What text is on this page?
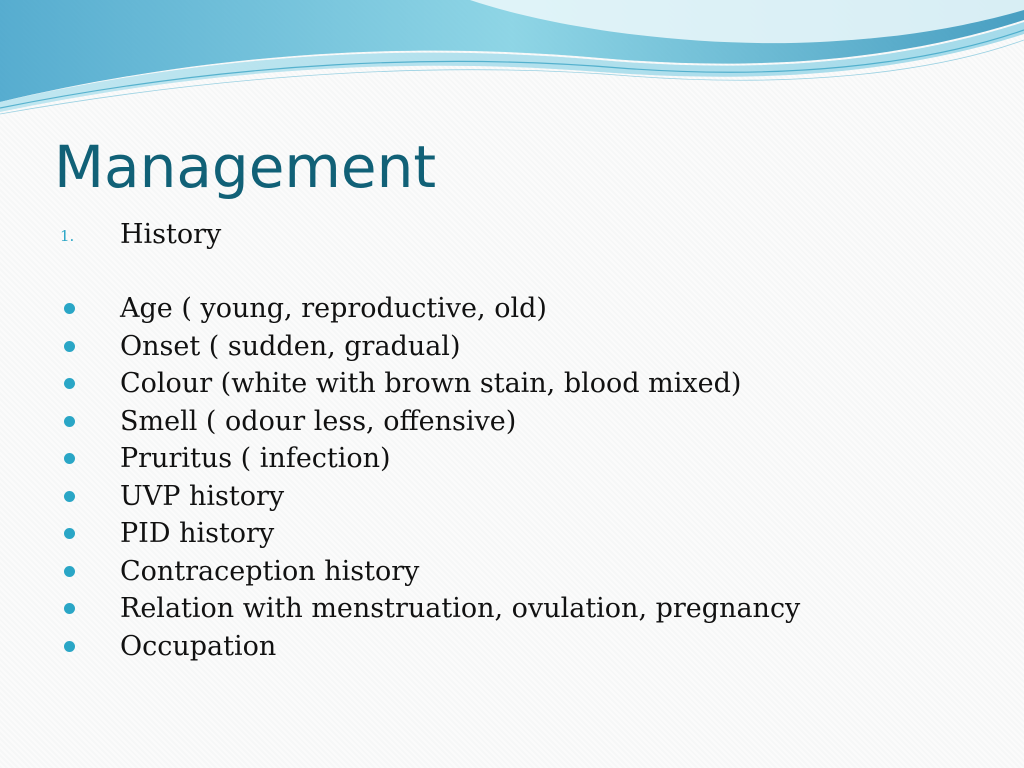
Management
1. History
Age ( young, reproductive, old)
Onset ( sudden, gradual)
Colour (white with brown stain, blood mixed)
Smell ( odour less, offensive)
Pruritus ( infection)
UVP history
PID history
Contraception history
Relation with menstruation, ovulation, pregnancy
Occupation
